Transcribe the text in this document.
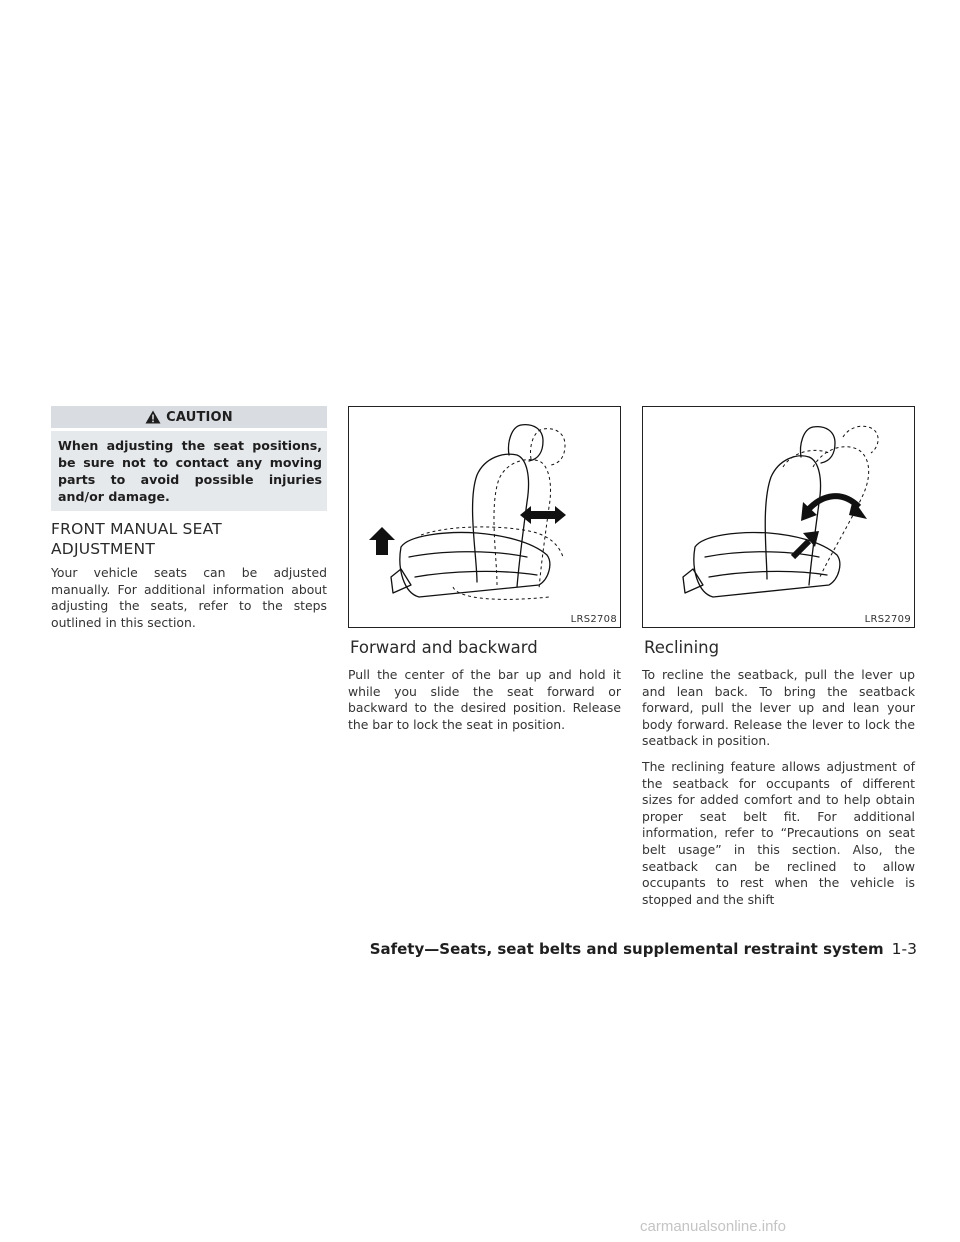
CAUTION
When adjusting the seat positions, be sure not to contact any moving parts to avoid possible injuries and/or damage.
FRONT MANUAL SEAT ADJUSTMENT

Your vehicle seats can be adjusted manually. For additional information about adjusting the seats, refer to the steps outlined in this section.	LRS2708
Forward and backward

Pull the center of the bar up and hold it while you slide the seat forward or backward to the desired position. Release the bar to lock the seat in position.

LRS2709
Reclining

To recline the seatback, pull the lever up and lean back. To bring the seatback forward, pull the lever up and lean your body forward. Release the lever to lock the seatback in position.

The reclining feature allows adjustment of the seatback for occupants of different sizes for added comfort and to help obtain proper seat belt fit. For additional information, refer to “Precautions on seat belt usage” in this section. Also, the seatback can be reclined to allow occupants to rest when the vehicle is stopped and the shift

Safety—Seats, seat belts and supplemental restraint system 1-3
carmanualsonline.info
